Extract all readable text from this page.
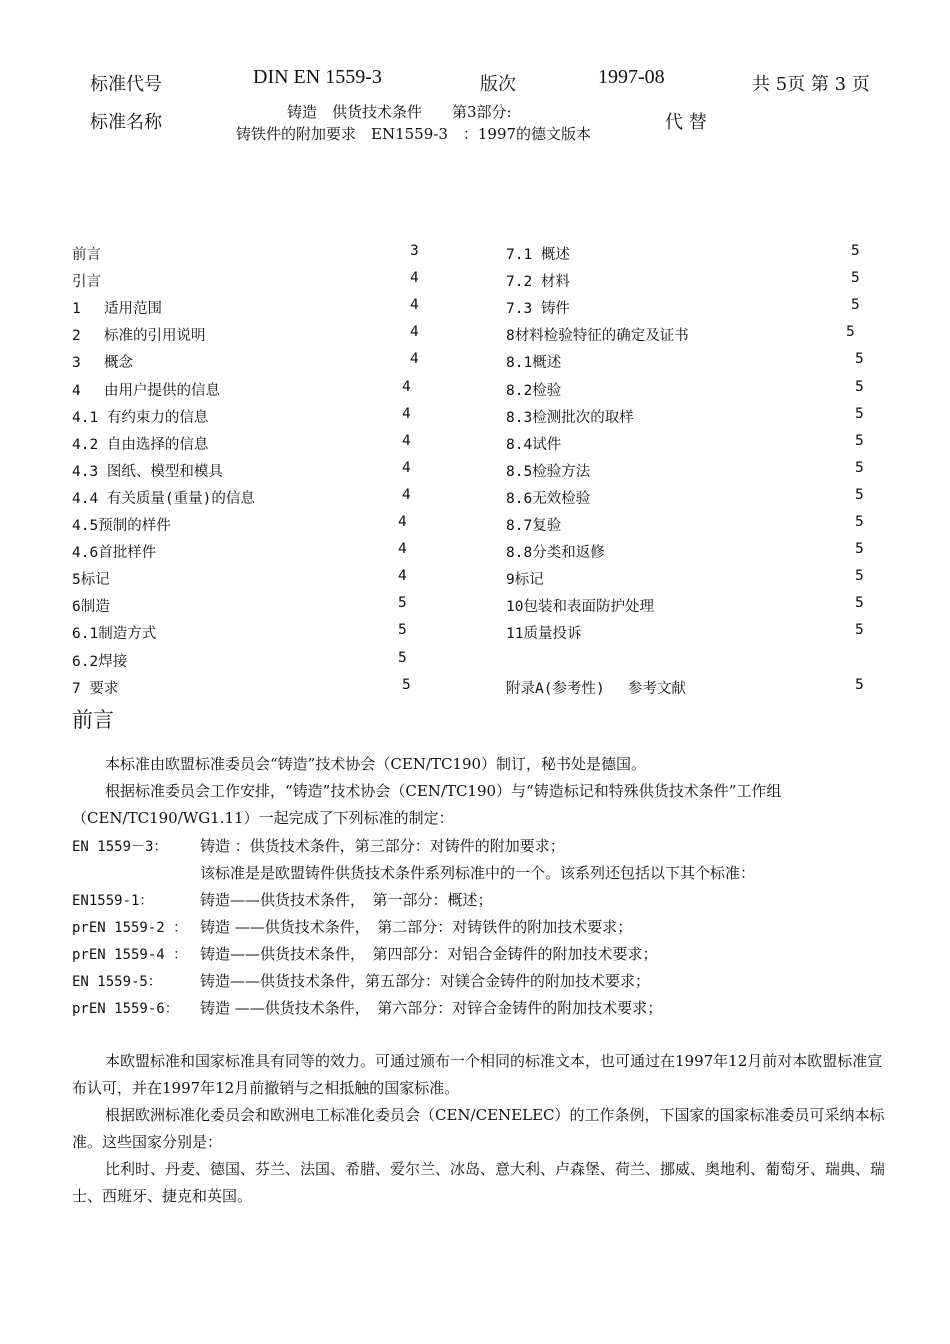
标准代号	DIN EN 1559-3	版次	1997-08	共 5页 第 3 页
标准名称	铸造　供货技术条件　　第3部分:
铸铁件的附加要求　EN1559-3　：1997的德文版本
代 替
前言	3
引言	4
1　 适用范围	4
2　 标准的引用说明	4
3　 概念	4
4　 由用户提供的信息	4
4.1 有约束力的信息	4
4.2 自由选择的信息	4
4.3 图纸、模型和模具	4
4.4 有关质量(重量)的信息	4
4.5预制的样件	4
4.6首批样件	4
5标记	4
6制造	5
6.1制造方式	5
6.2焊接	5
7 要求	5
7.1 概述	5
7.2 材料	5
7.3 铸件	5
8材料检验特征的确定及证书	5
8.1概述	5
8.2检验	5
8.3检测批次的取样	5
8.4试件	5
8.5检验方法	5
8.6无效检验	5
8.7复验	5
8.8分类和返修	5
9标记	5
10包装和表面防护处理	5
11质量投诉	5
附录A(参考性)　 参考文献	5
前言
本标准由欧盟标准委员会“铸造”技术协会（CEN/TC190）制订，秘书处是德国。
根据标准委员会工作安排，“铸造”技术协会（CEN/TC190）与“铸造标记和特殊供货技术条件”工作组（CEN/TC190/WG1.11）一起完成了下列标准的制定：
EN 1559－3： 铸造 ：供货技术条件，第三部分：对铸件的附加要求；
该标准是是欧盟铸件供货技术条件系列标准中的一个。该系列还包括以下其个标准：
EN1559-1：	铸造——供货技术条件，　第一部分：概述；
prEN 1559-2 ： 铸造 ——供货技术条件，　第二部分：对铸铁件的附加技术要求；
prEN 1559-4 ： 铸造——供货技术条件，　第四部分：对铝合金铸件的附加技术要求；
EN 1559-5：	铸造——供货技术条件，第五部分：对镁合金铸件的附加技术要求；
prEN 1559-6： 铸造 ——供货技术条件，　第六部分：对锌合金铸件的附加技术要求；
本欧盟标准和国家标准具有同等的效力。可通过颁布一个相同的标准文本，也可通过在1997年12月前对本欧盟标准宣布认可，并在1997年12月前撤销与之相抵触的国家标准。
根据欧洲标准化委员会和欧洲电工标准化委员会（CEN/CENELEC）的工作条例，下国家的国家标准委员可采纳本标准。这些国家分别是：
比利时、丹麦、德国、芬兰、法国、希腊、爱尔兰、冰岛、意大利、卢森堡、荷兰、挪威、奥地利、葡萄牙、瑞典、瑞士、西班牙、捷克和英国。
